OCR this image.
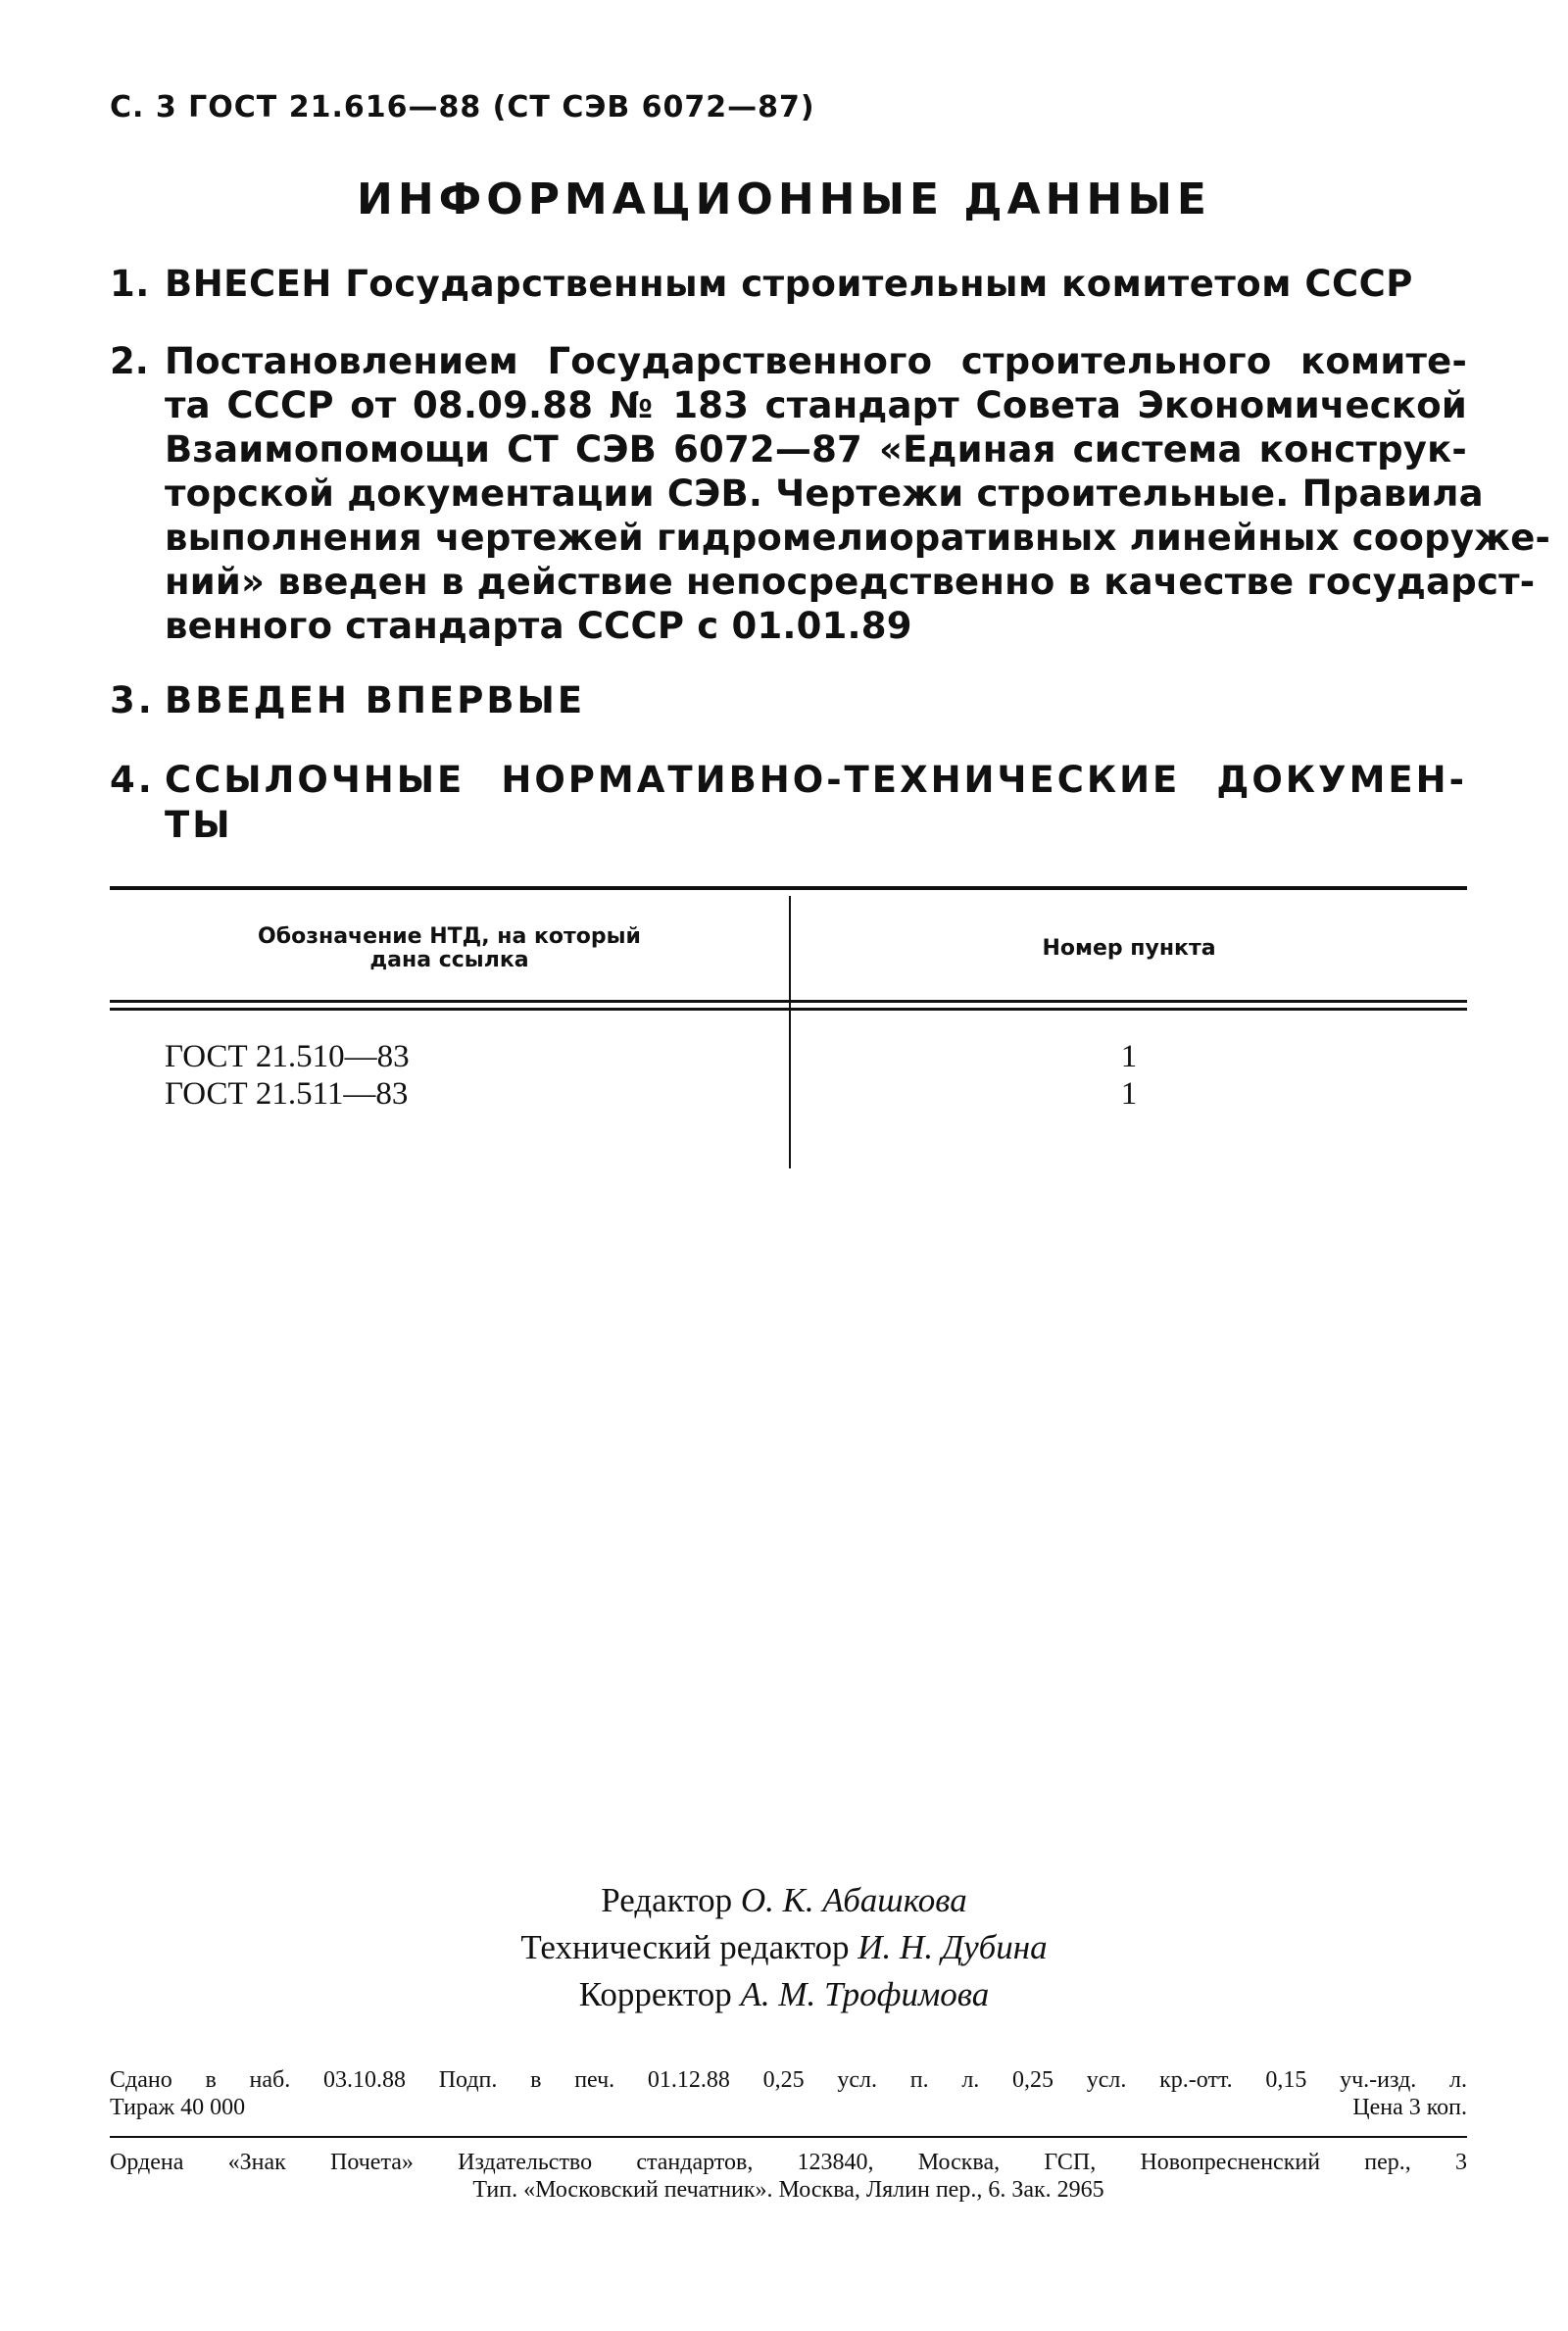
С. 3 ГОСТ 21.616—88 (СТ СЭВ 6072—87)
ИНФОРМАЦИОННЫЕ ДАННЫЕ
1. ВНЕСЕН Государственным строительным комитетом СССР
2. Постановлением Государственного строительного комите-
та СССР от 08.09.88 № 183 стандарт Совета Экономической
Взаимопомощи СТ СЭВ 6072—87 «Единая система конструк-
торской документации СЭВ. Чертежи строительные. Правила
выполнения чертежей гидромелиоративных линейных сооруже-
ний» введен в действие непосредственно в качестве государст-
венного стандарта СССР с 01.01.89
3. ВВЕДЕН ВПЕРВЫЕ
4. ССЫЛОЧНЫЕ НОРМАТИВНО-ТЕХНИЧЕСКИЕ ДОКУМЕН-
ТЫ
Обозначение НТД, на который
дана ссылка	Номер пункта
ГОСТ 21.510—83	1
ГОСТ 21.511—83	1
Редактор О. К. Абашкова
Технический редактор И. Н. Дубина
Корректор А. М. Трофимова
Сдано в наб. 03.10.88 Подп. в печ. 01.12.88 0,25 усл. п. л. 0,25 усл. кр.-отт. 0,15 уч.-изд. л.
Тираж 40 000	Цена 3 коп.
Ордена «Знак Почета» Издательство стандартов, 123840, Москва, ГСП, Новопресненский пер., 3
Тип. «Московский печатник». Москва, Лялин пер., 6. Зак. 2965
